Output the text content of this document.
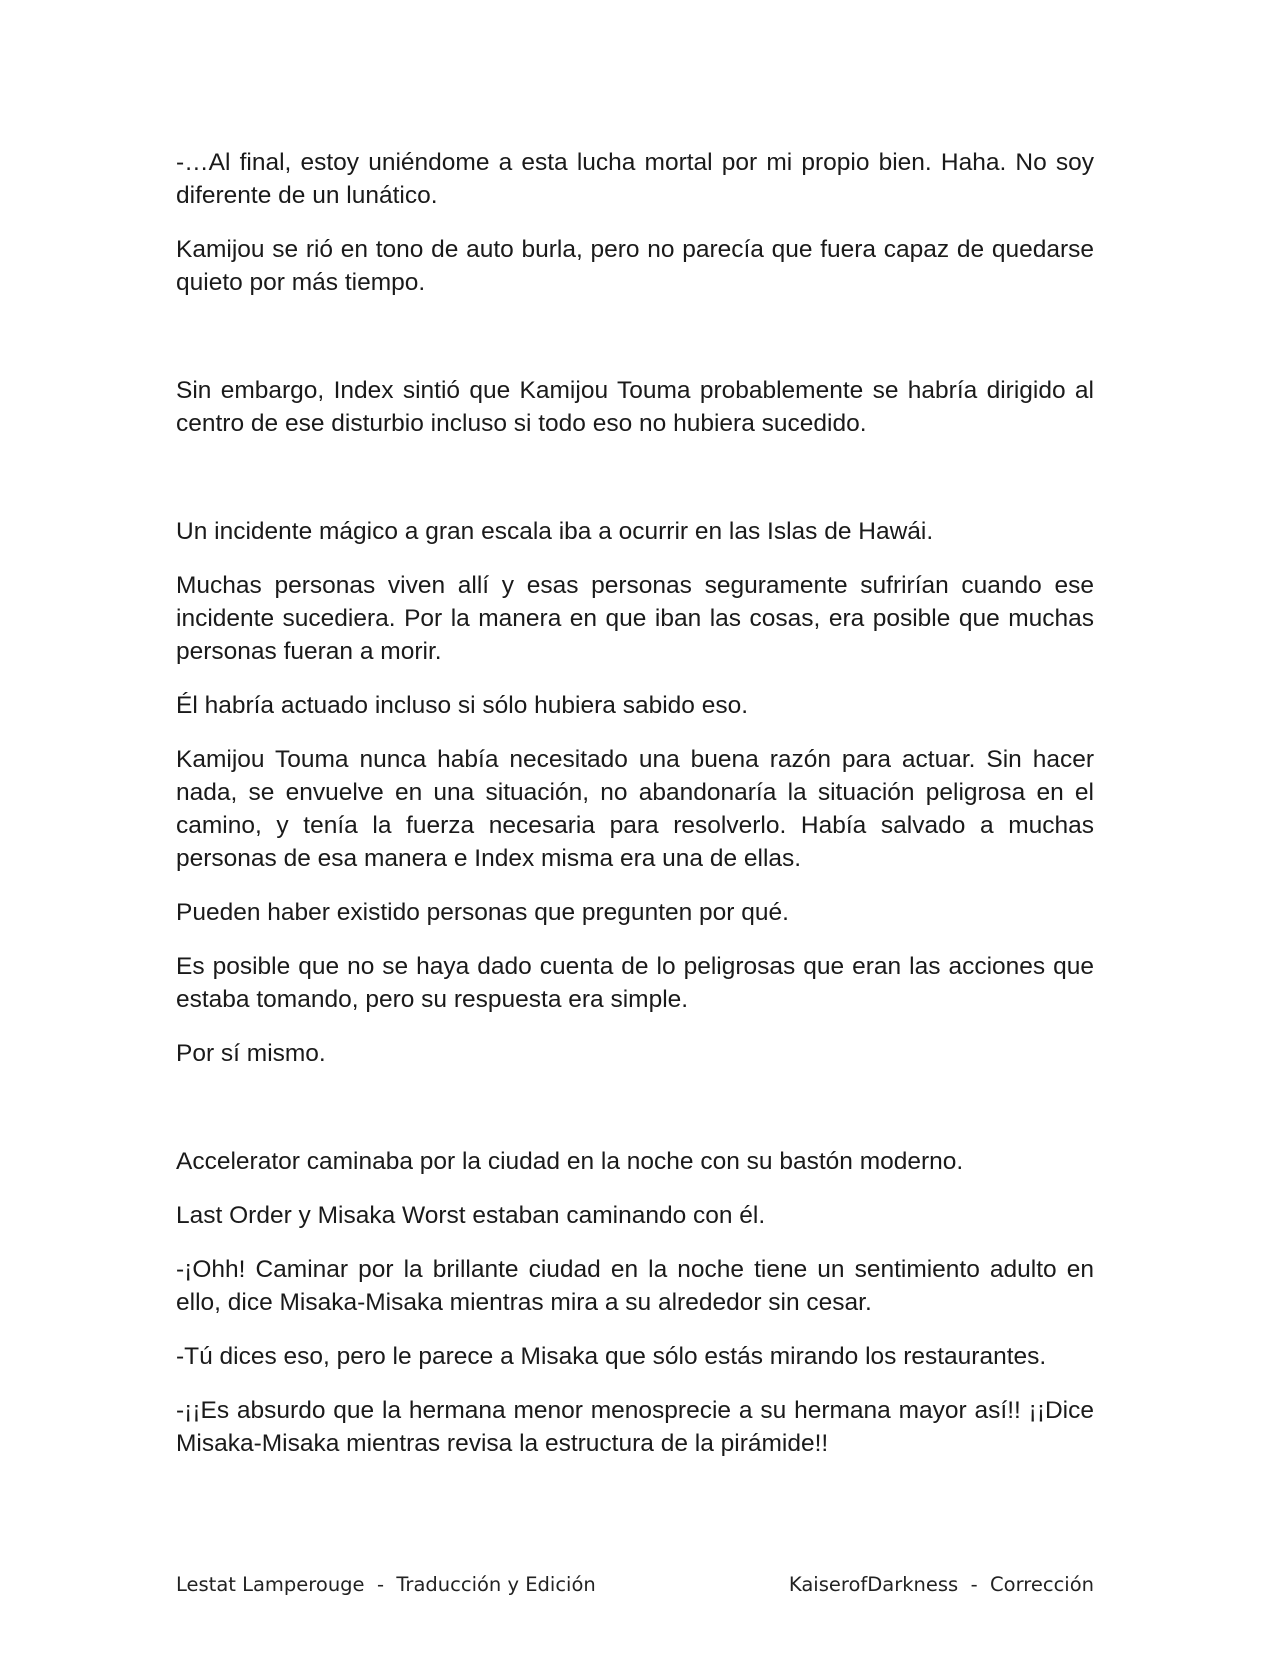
-…Al final, estoy uniéndome a esta lucha mortal por mi propio bien. Haha. No soy diferente de un lunático.

Kamijou se rió en tono de auto burla, pero no parecía que fuera capaz de quedarse quieto por más tiempo.

Sin embargo, Index sintió que Kamijou Touma probablemente se habría dirigido al centro de ese disturbio incluso si todo eso no hubiera sucedido.

Un incidente mágico a gran escala iba a ocurrir en las Islas de Hawái.

Muchas personas viven allí y esas personas seguramente sufrirían cuando ese incidente sucediera. Por la manera en que iban las cosas, era posible que muchas personas fueran a morir.

Él habría actuado incluso si sólo hubiera sabido eso.

Kamijou Touma nunca había necesitado una buena razón para actuar. Sin hacer nada, se envuelve en una situación, no abandonaría la situación peligrosa en el camino, y tenía la fuerza necesaria para resolverlo. Había salvado a muchas personas de esa manera e Index misma era una de ellas.

Pueden haber existido personas que pregunten por qué.

Es posible que no se haya dado cuenta de lo peligrosas que eran las acciones que estaba tomando, pero su respuesta era simple.

Por sí mismo.

Accelerator caminaba por la ciudad en la noche con su bastón moderno.

Last Order y Misaka Worst estaban caminando con él.

-¡Ohh! Caminar por la brillante ciudad en la noche tiene un sentimiento adulto en ello, dice Misaka-Misaka mientras mira a su alrededor sin cesar.

-Tú dices eso, pero le parece a Misaka que sólo estás mirando los restaurantes.

-¡¡Es absurdo que la hermana menor menosprecie a su hermana mayor así!! ¡¡Dice Misaka-Misaka mientras revisa la estructura de la pirámide!!

Lestat Lamperouge  -  Traducción y Edición	KaiserofDarkness  -  Corrección
